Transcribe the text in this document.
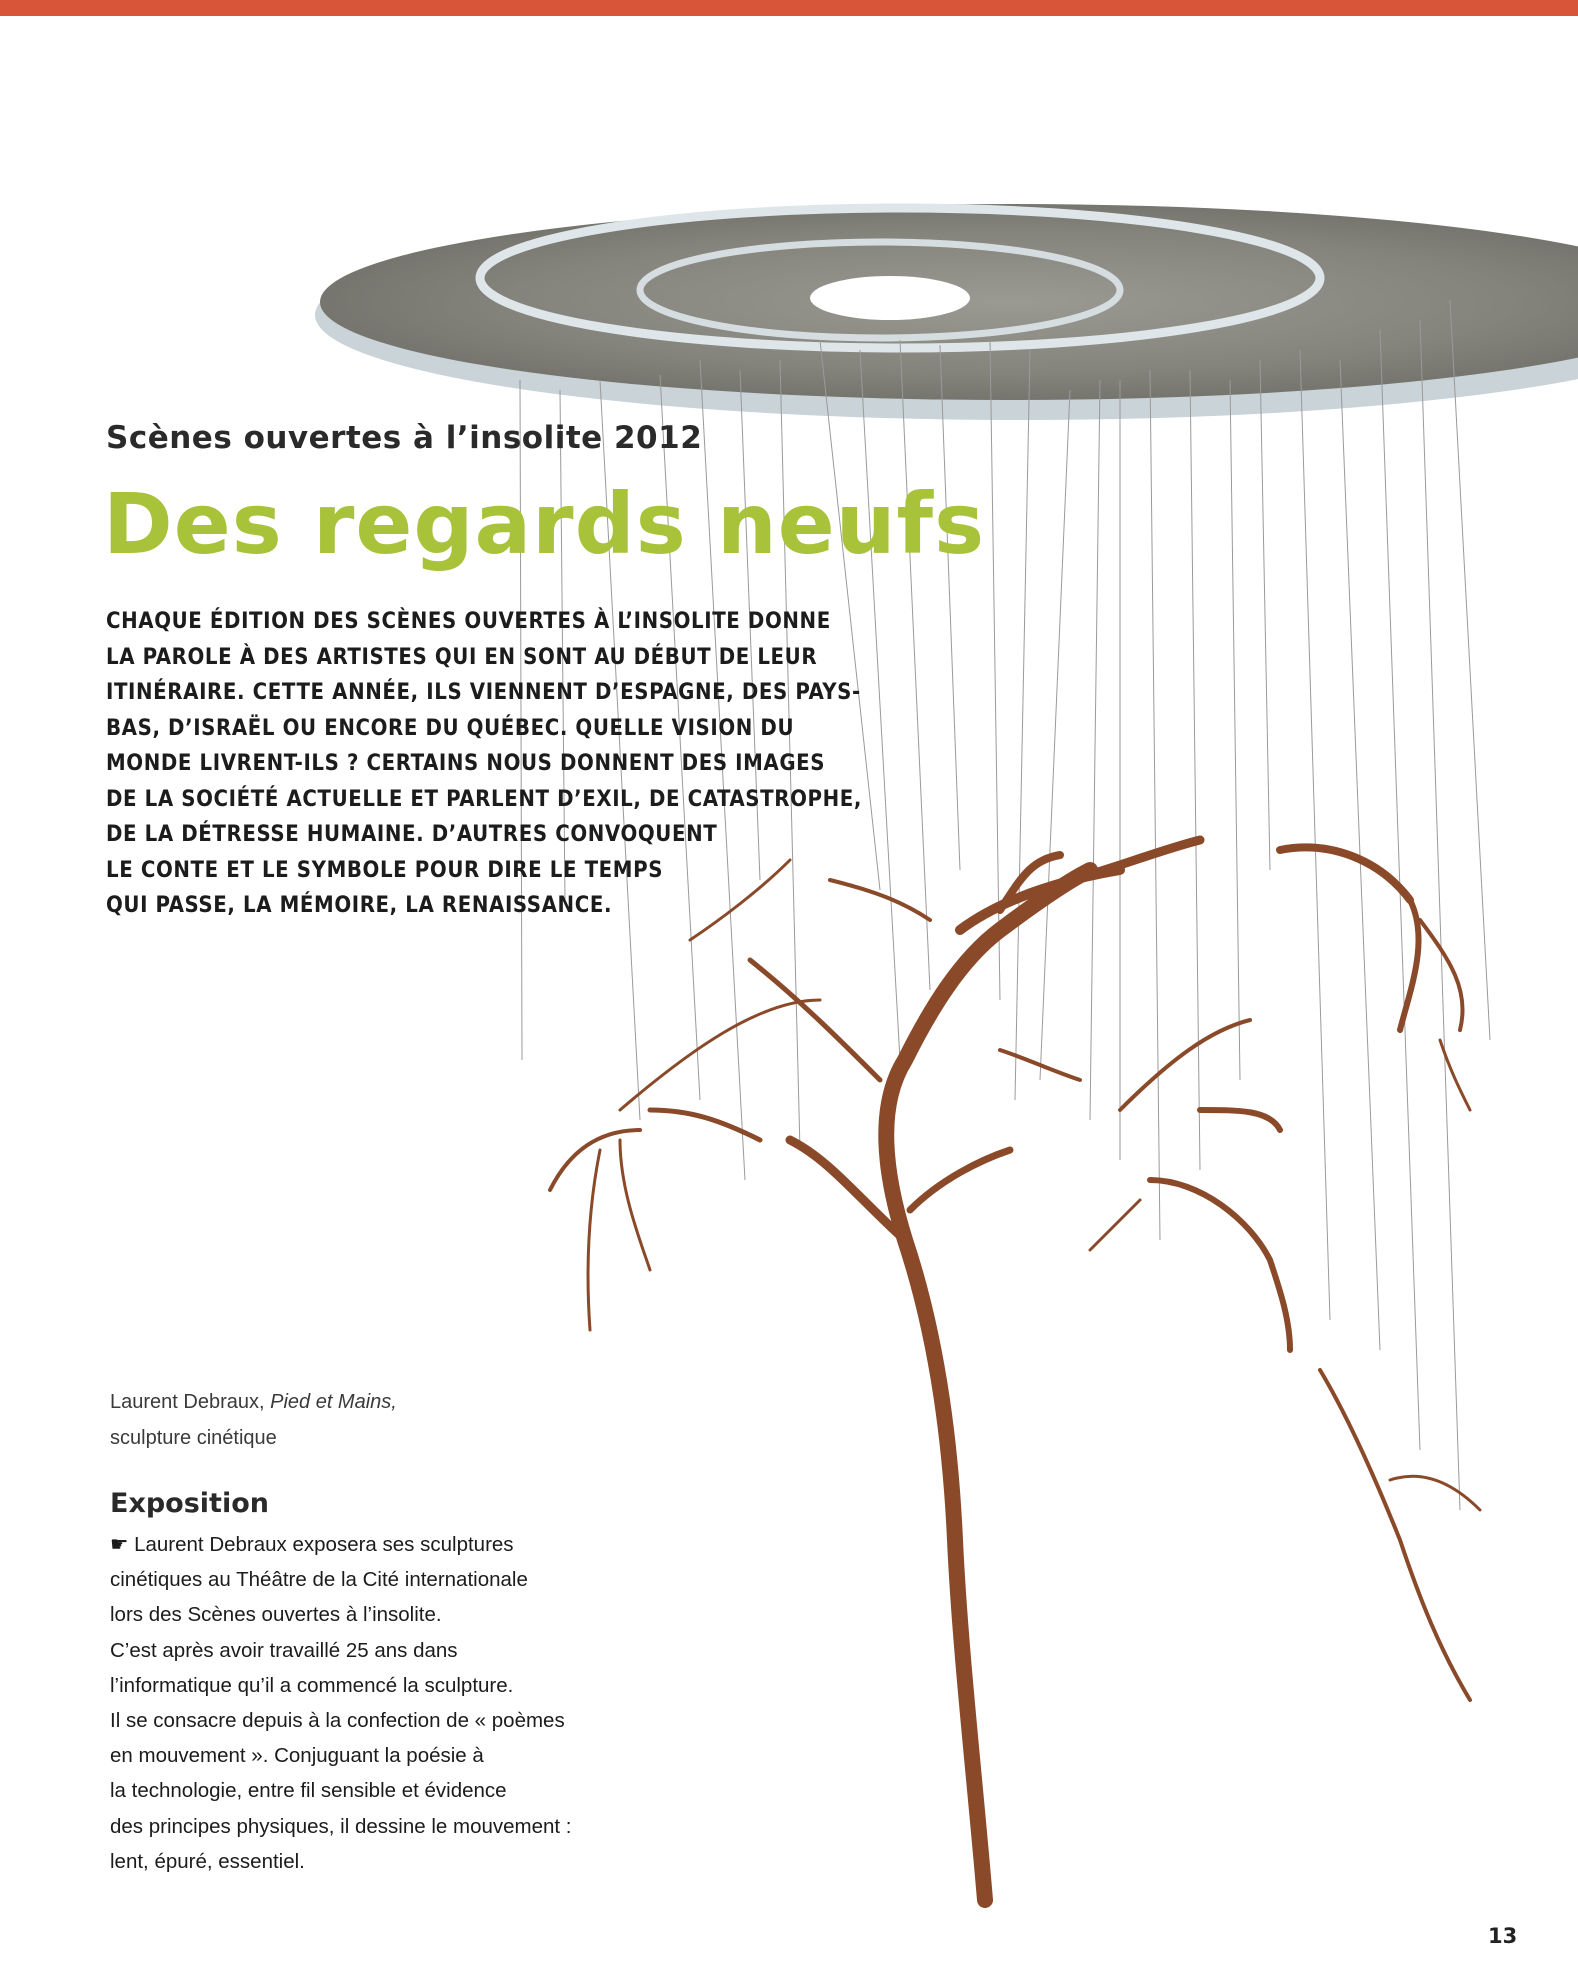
Scènes ouvertes à l’insolite 2012
Des regards neufs
CHAQUE ÉDITION DES SCÈNES OUVERTES À L’INSOLITE DONNE
LA PAROLE À DES ARTISTES QUI EN SONT AU DÉBUT DE LEUR
ITINÉRAIRE. CETTE ANNÉE, ILS VIENNENT D’ESPAGNE, DES PAYS-
BAS, D’ISRAËL OU ENCORE DU QUÉBEC. QUELLE VISION DU
MONDE LIVRENT-ILS ? CERTAINS NOUS DONNENT DES IMAGES
DE LA SOCIÉTÉ ACTUELLE ET PARLENT D’EXIL, DE CATASTROPHE,
DE LA DÉTRESSE HUMAINE. D’AUTRES CONVOQUENT
LE CONTE ET LE SYMBOLE POUR DIRE LE TEMPS
QUI PASSE, LA MÉMOIRE, LA RENAISSANCE.
Laurent Debraux, Pied et Mains,
sculpture cinétique
Exposition
☛ Laurent Debraux exposera ses sculptures
cinétiques au Théâtre de la Cité internationale
lors des Scènes ouvertes à l’insolite.
C’est après avoir travaillé 25 ans dans
l’informatique qu’il a commencé la sculpture.
Il se consacre depuis à la confection de « poèmes
en mouvement ». Conjuguant la poésie à
la technologie, entre fil sensible et évidence
des principes physiques, il dessine le mouvement :
lent, épuré, essentiel.
13
